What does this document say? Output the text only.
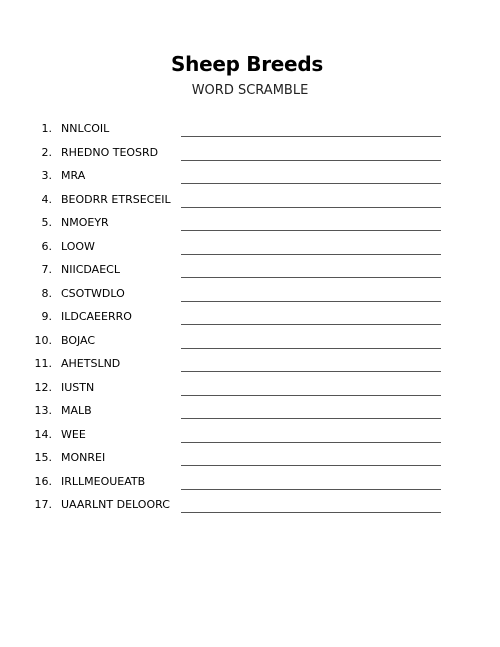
Sheep Breeds
WORD SCRAMBLE
1. NNLCOIL
2. RHEDNO TEOSRD
3. MRA
4. BEODRR ETRSECEIL
5. NMOEYR
6. LOOW
7. NIICDAECL
8. CSOTWDLO
9. ILDCAEERRO
10. BOJAC
11. AHETSLND
12. IUSTN
13. MALB
14. WEE
15. MONREI
16. IRLLMEOUEATB
17. UAARLNT DELOORC
